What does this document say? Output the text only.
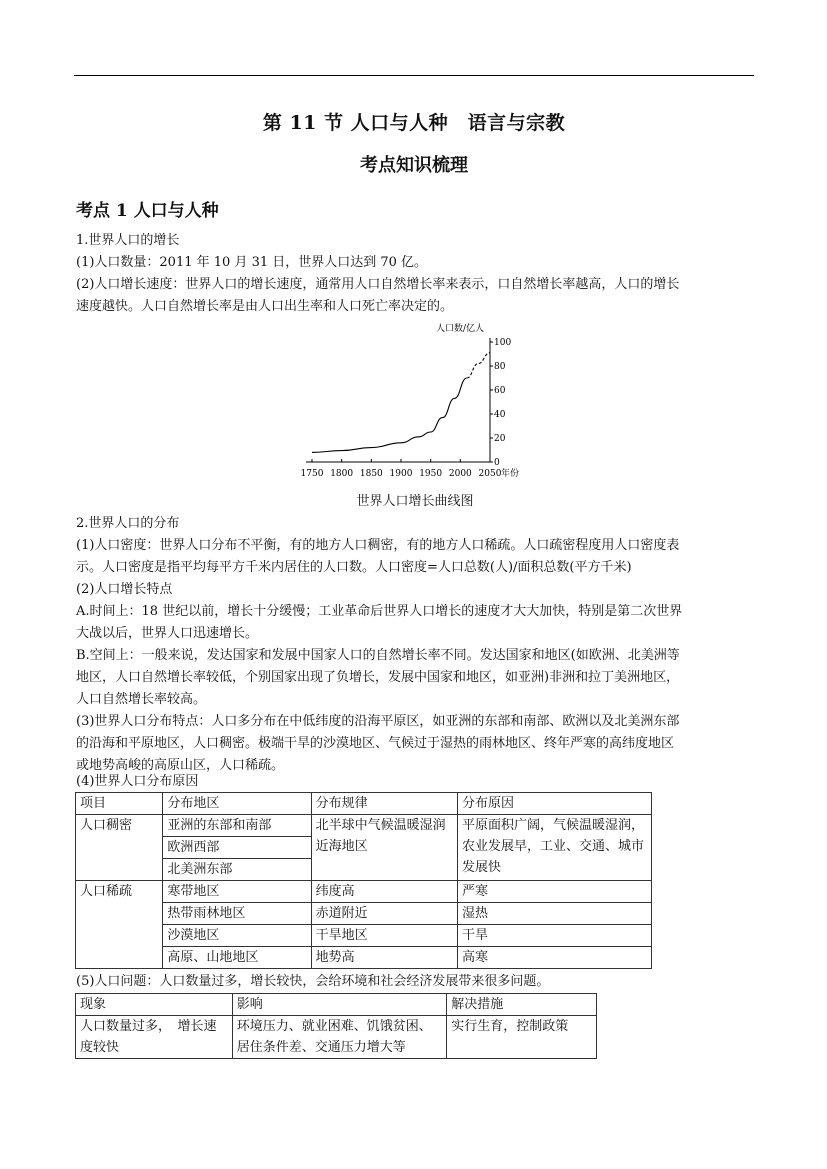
第 11 节 人口与人种　语言与宗教
考点知识梳理
考点 1 人口与人种
1.世界人口的增长
(1)人口数量：2011 年 10 月 31 日，世界人口达到 70 亿。
(2)人口增长速度：世界人口的增长速度，通常用人口自然增长率来表示，口自然增长率越高，人口的增长
速度越快。人口自然增长率是由人口出生率和人口死亡率决定的。
1750 1800 1850 1900 1950 2000 2050 年份
0
20
40
60
80
100
人口数/亿人
世界人口增长曲线图
2.世界人口的分布
(1)人口密度：世界人口分布不平衡，有的地方人口稠密，有的地方人口稀疏。人口疏密程度用人口密度表
示。人口密度是指平均每平方千米内居住的人口数。人口密度=人口总数(人)/面积总数(平方千米)
(2)人口增长特点
A.时间上：18 世纪以前，增长十分缓慢；工业革命后世界人口增长的速度才大大加快，特别是第二次世界
大战以后，世界人口迅速增长。
B.空间上：一般来说，发达国家和发展中国家人口的自然增长率不同。发达国家和地区(如欧洲、北美洲等
地区，人口自然增长率较低，个别国家出现了负增长，发展中国家和地区，如亚洲)非洲和拉丁美洲地区，
人口自然增长率较高。
(3)世界人口分布特点：人口多分布在中低纬度的沿海平原区，如亚洲的东部和南部、欧洲以及北美洲东部
的沿海和平原地区，人口稠密。极端干旱的沙漠地区、气候过于湿热的雨林地区、终年严寒的高纬度地区
或地势高峻的高原山区，人口稀疏。
(4)世界人口分布原因
项目	分布地区	分布规律	分布原因
人口稠密	亚洲的东部和南部	北半球中气候温暖湿润近海地区	平原面积广阔，气候温暖湿润，农业发展早，工业、交通、城市发展快
	欧洲西部		
	北美洲东部		
人口稀疏	寒带地区	纬度高	严寒
	热带雨林地区	赤道附近	湿热
	沙漠地区	干旱地区	干旱
	高原、山地地区	地势高	高寒
(5)人口问题：人口数量过多，增长较快，会给环境和社会经济发展带来很多问题。
现象	影响	解决措施
人口数量过多，　增长速度较快	环境压力、就业困难、饥饿贫困、居住条件差、交通压力增大等	实行生育，控制政策
